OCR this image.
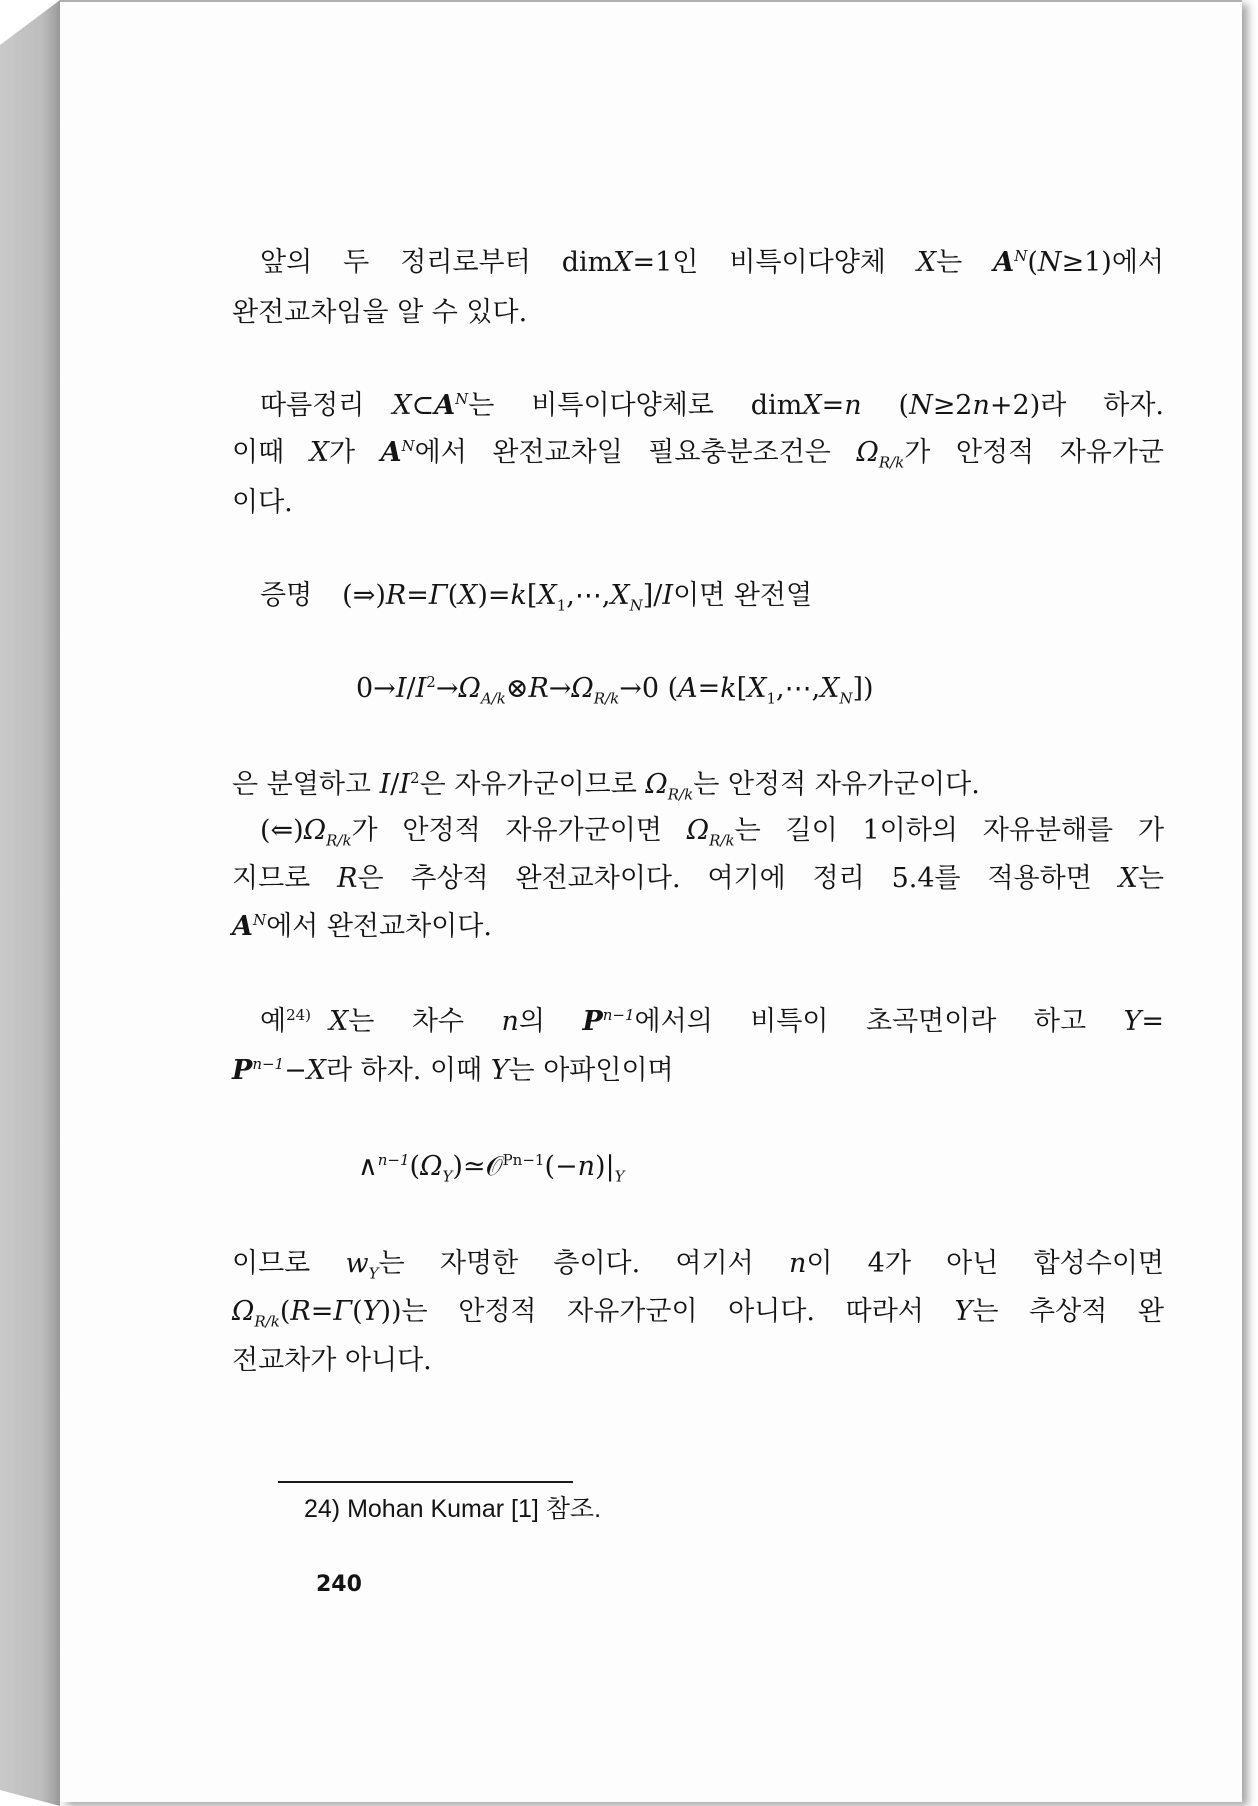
앞의 두 정리로부터 dimX=1인 비특이다양체 X는 $A^N(N\ge 1)$에서
완전교차임을 알 수 있다.
따름정리 $X\subset A^N$는 비특이다양체로 dimX=n (N≥2n+2)라 하자.
이때 X가 $A^N$에서 완전교차일 필요충분조건은 $\Omega_{R/k}$가 안정적 자유가군
이다.
증명 $(\Rightarrow)R=\Gamma(X)=k[X_1,\cdots,X_N]/I$이면 완전열
$0\to I/I^2\to\Omega_{A/k}\otimes R\to\Omega_{R/k}\to 0$ $(A=k[X_1,\cdots,X_N])$
은 분열하고 $I/I^2$은 자유가군이므로 $\Omega_{R/k}$는 안정적 자유가군이다.
$(⇐)\Omega_{R/k}$가 안정적 자유가군이면 $\Omega_{R/k}$는 길이 1이하의 자유분해를 가
지므로 R은 추상적 완전교차이다. 여기에 정리 5.4를 적용하면 X는
$A^N$에서 완전교차이다.
예$^{24)}$ X는 차수 n의 $P^{n-1}$에서의 비특이 초곡면이라 하고 Y=
$P^{n-1}-X$라 하자. 이때 Y는 아파인이며
$\wedge^{n-1}(\Omega_Y)≃𝒪^{Pn-1}(-n)|_Y$
이므로 $w_Y$는 자명한 층이다. 여기서 n이 4가 아닌 합성수이면
$\Omega_{R/k}(R=\Gamma(Y))$는 안정적 자유가군이 아니다. 따라서 Y는 추상적 완
전교차가 아니다.
24) Mohan Kumar [1] 참조.
240
